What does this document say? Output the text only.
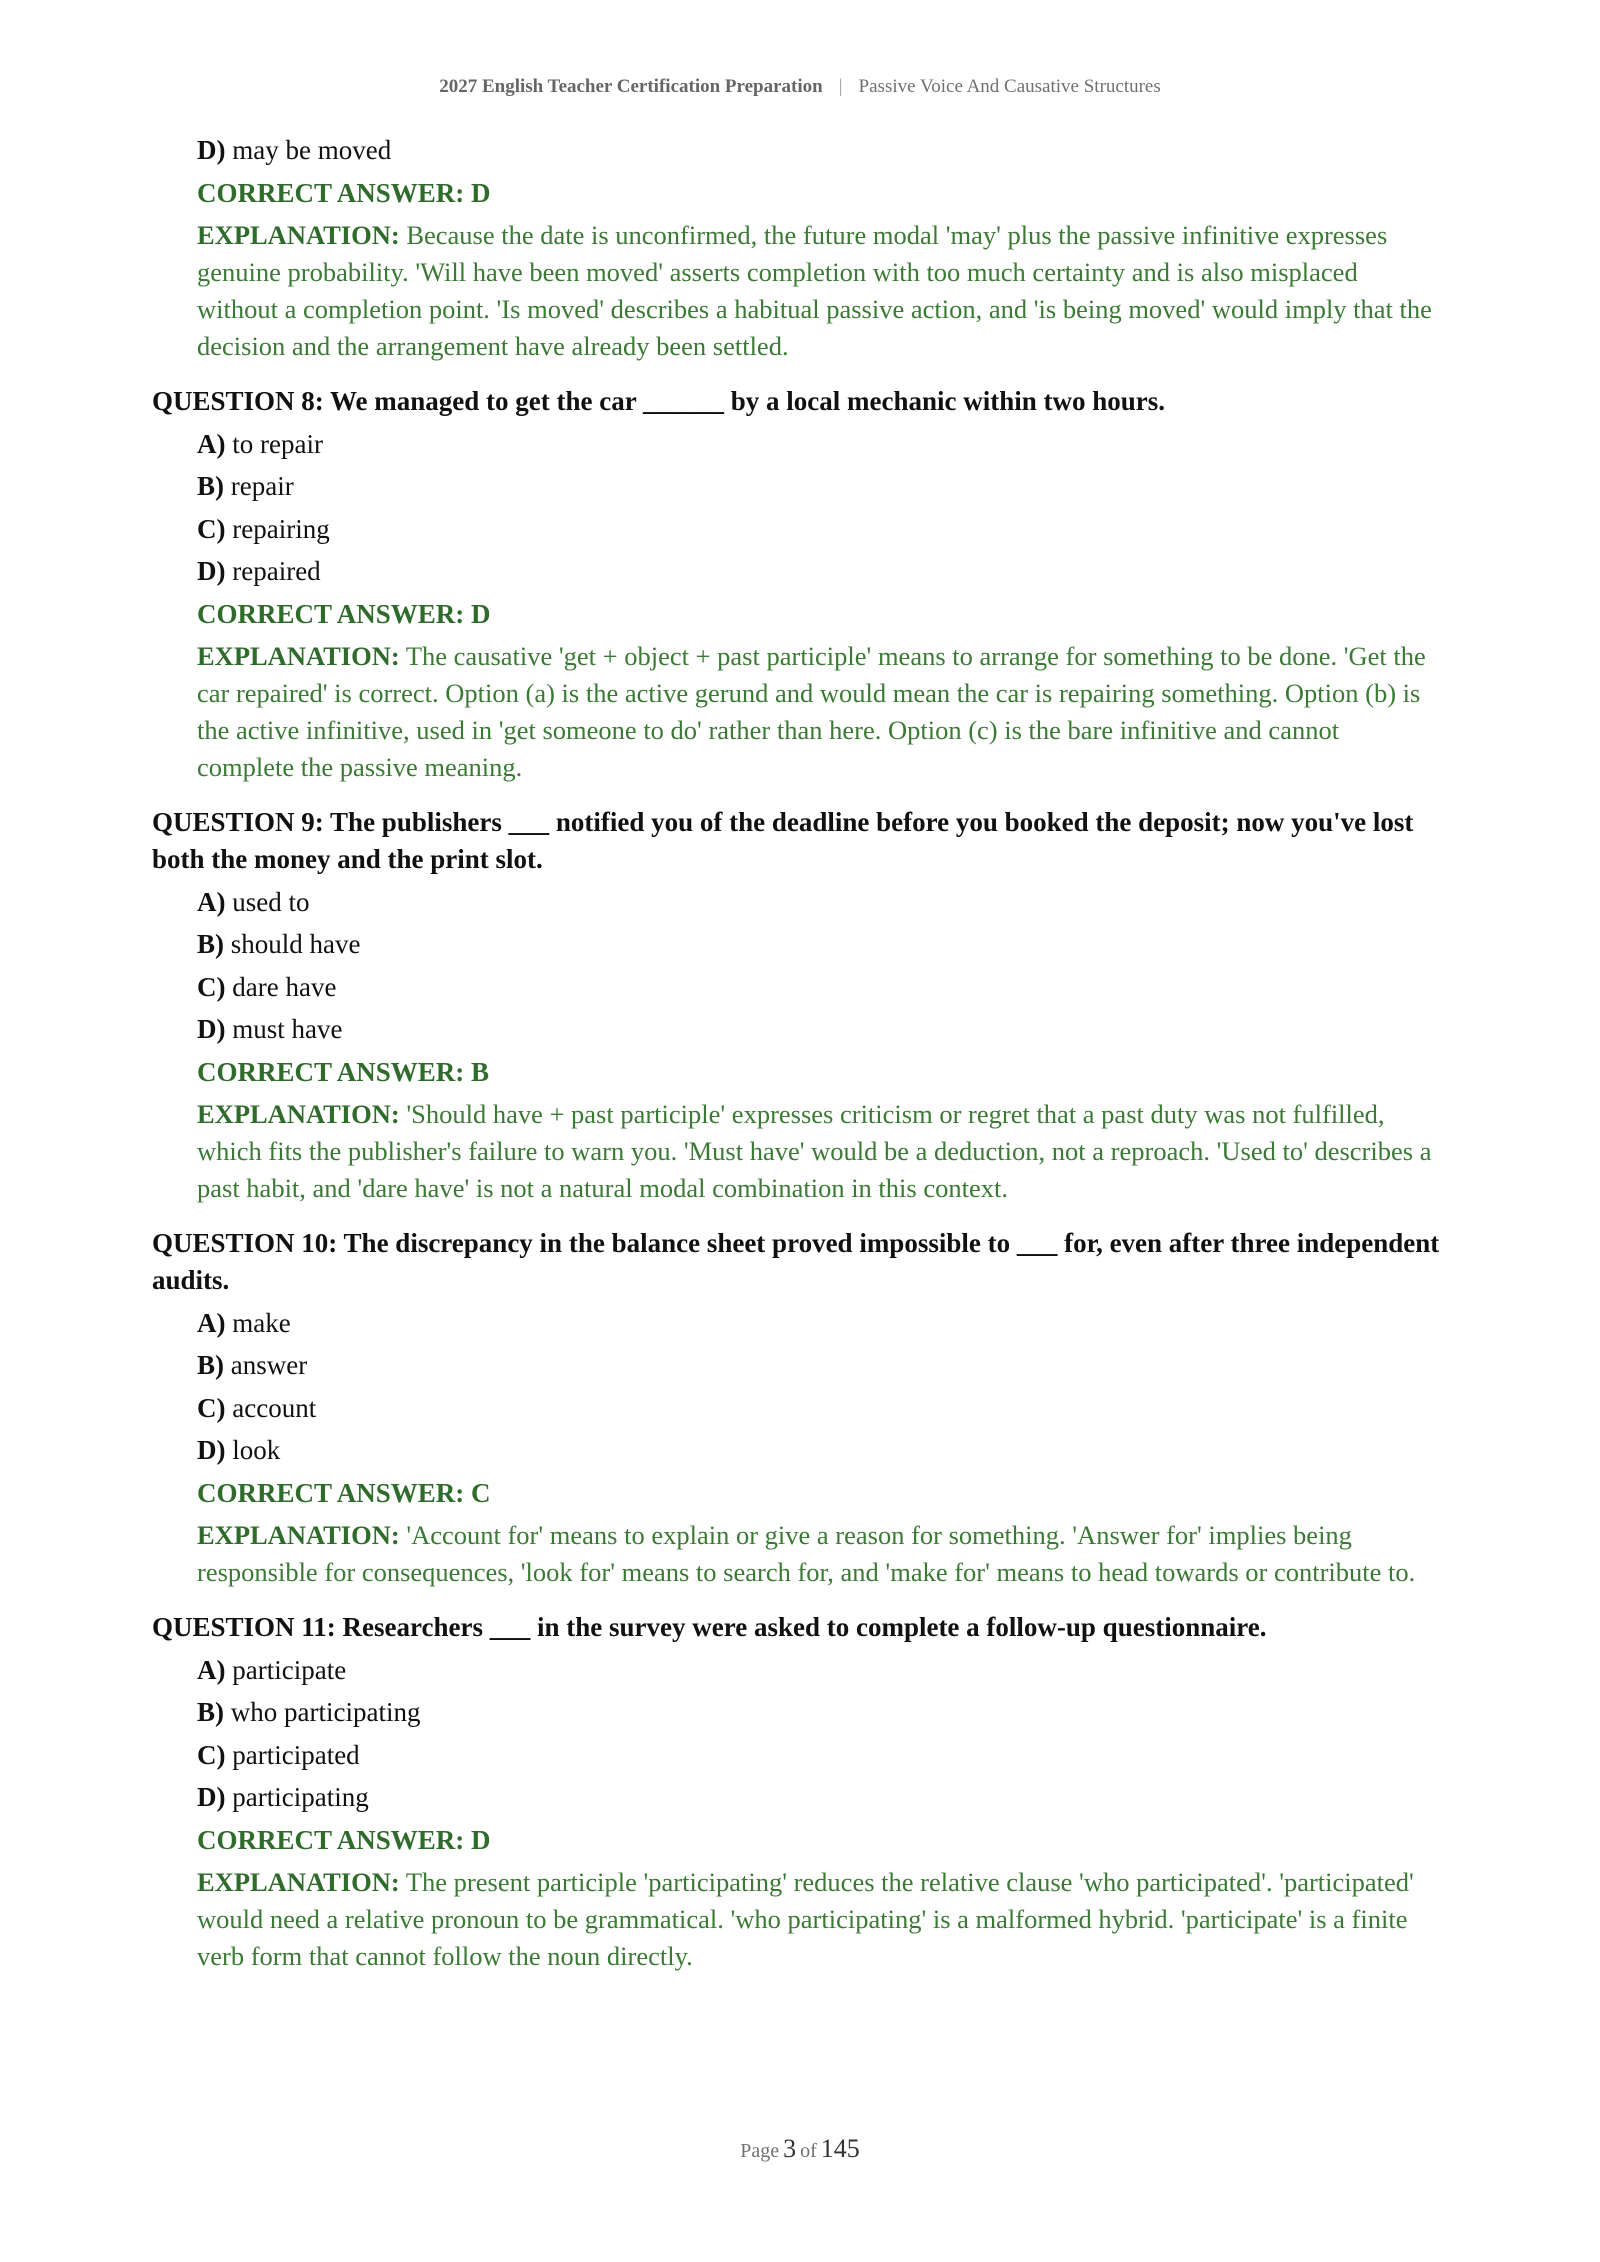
2027 English Teacher Certification Preparation | Passive Voice And Causative Structures
D) may be moved
CORRECT ANSWER: D
EXPLANATION: Because the date is unconfirmed, the future modal 'may' plus the passive infinitive expresses genuine probability. 'Will have been moved' asserts completion with too much certainty and is also misplaced without a completion point. 'Is moved' describes a habitual passive action, and 'is being moved' would imply that the decision and the arrangement have already been settled.
QUESTION 8: We managed to get the car ______ by a local mechanic within two hours.
A) to repair
B) repair
C) repairing
D) repaired
CORRECT ANSWER: D
EXPLANATION: The causative 'get + object + past participle' means to arrange for something to be done. 'Get the car repaired' is correct. Option (a) is the active gerund and would mean the car is repairing something. Option (b) is the active infinitive, used in 'get someone to do' rather than here. Option (c) is the bare infinitive and cannot complete the passive meaning.
QUESTION 9: The publishers ___ notified you of the deadline before you booked the deposit; now you've lost both the money and the print slot.
A) used to
B) should have
C) dare have
D) must have
CORRECT ANSWER: B
EXPLANATION: 'Should have + past participle' expresses criticism or regret that a past duty was not fulfilled, which fits the publisher's failure to warn you. 'Must have' would be a deduction, not a reproach. 'Used to' describes a past habit, and 'dare have' is not a natural modal combination in this context.
QUESTION 10: The discrepancy in the balance sheet proved impossible to ___ for, even after three independent audits.
A) make
B) answer
C) account
D) look
CORRECT ANSWER: C
EXPLANATION: 'Account for' means to explain or give a reason for something. 'Answer for' implies being responsible for consequences, 'look for' means to search for, and 'make for' means to head towards or contribute to.
QUESTION 11: Researchers ___ in the survey were asked to complete a follow-up questionnaire.
A) participate
B) who participating
C) participated
D) participating
CORRECT ANSWER: D
EXPLANATION: The present participle 'participating' reduces the relative clause 'who participated'. 'participated' would need a relative pronoun to be grammatical. 'who participating' is a malformed hybrid. 'participate' is a finite verb form that cannot follow the noun directly.
Page 3 of 145
